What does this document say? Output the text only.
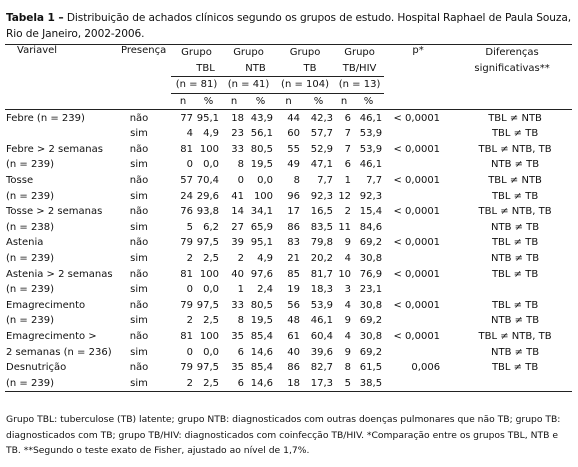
Tabela 1 – Distribuição de achados clínicos segundo os grupos de estudo. Hospital Raphael de Paula Souza, Rio de Janeiro, 2002-2006.
Variavel	Presença	Grupo		Grupo		Grupo		Grupo		p*	Diferenças
		TBL		NTB		TB		TB/HIV			significativas**
		(n = 81)		(n = 41)		(n = 104)		(n = 13)			
		n	%	n	%	n	%	n	%		
Febre (n = 239)	não	77	95,1	18	43,9	44	42,3	6	46,1	< 0,0001	TBL ≠ NTB
	sim	4	4,9	23	56,1	60	57,7	7	53,9		TBL ≠ TB
Febre > 2 semanas	não	81	100	33	80,5	55	52,9	7	53,9	< 0,0001	TBL ≠ NTB, TB
(n = 239)	sim	0	0,0	8	19,5	49	47,1	6	46,1		NTB ≠ TB
Tosse	não	57	70,4	0	0,0	8	7,7	1	7,7	< 0,0001	TBL ≠ NTB
(n = 239)	sim	24	29,6	41	100	96	92,3	12	92,3		TBL ≠ TB
Tosse > 2 semanas	não	76	93,8	14	34,1	17	16,5	2	15,4	< 0,0001	TBL ≠ NTB, TB
(n = 238)	sim	5	6,2	27	65,9	86	83,5	11	84,6		NTB ≠ TB
Astenia	não	79	97,5	39	95,1	83	79,8	9	69,2	< 0,0001	TBL ≠ TB
(n = 239)	sim	2	2,5	2	4,9	21	20,2	4	30,8		NTB ≠ TB
Astenia > 2 semanas	não	81	100	40	97,6	85	81,7	10	76,9	< 0,0001	TBL ≠ TB
(n = 239)	sim	0	0,0	1	2,4	19	18,3	3	23,1		
Emagrecimento	não	79	97,5	33	80,5	56	53,9	4	30,8	< 0,0001	TBL ≠ TB
(n = 239)	sim	2	2,5	8	19,5	48	46,1	9	69,2		NTB ≠ TB
Emagrecimento >	não	81	100	35	85,4	61	60,4	4	30,8	< 0,0001	TBL ≠ NTB, TB
2 semanas (n = 236)	sim	0	0,0	6	14,6	40	39,6	9	69,2		NTB ≠ TB
Desnutrição	não	79	97,5	35	85,4	86	82,7	8	61,5	0,006	TBL ≠ TB
(n = 239)	sim	2	2,5	6	14,6	18	17,3	5	38,5		
Grupo TBL: tuberculose (TB) latente; grupo NTB: diagnosticados com outras doenças pulmonares que não TB; grupo TB: diagnosticados com TB; grupo TB/HIV: diagnosticados com coinfecção TB/HIV. *Comparação entre os grupos TBL, NTB e TB. **Segundo o teste exato de Fisher, ajustado ao nível de 1,7%.
